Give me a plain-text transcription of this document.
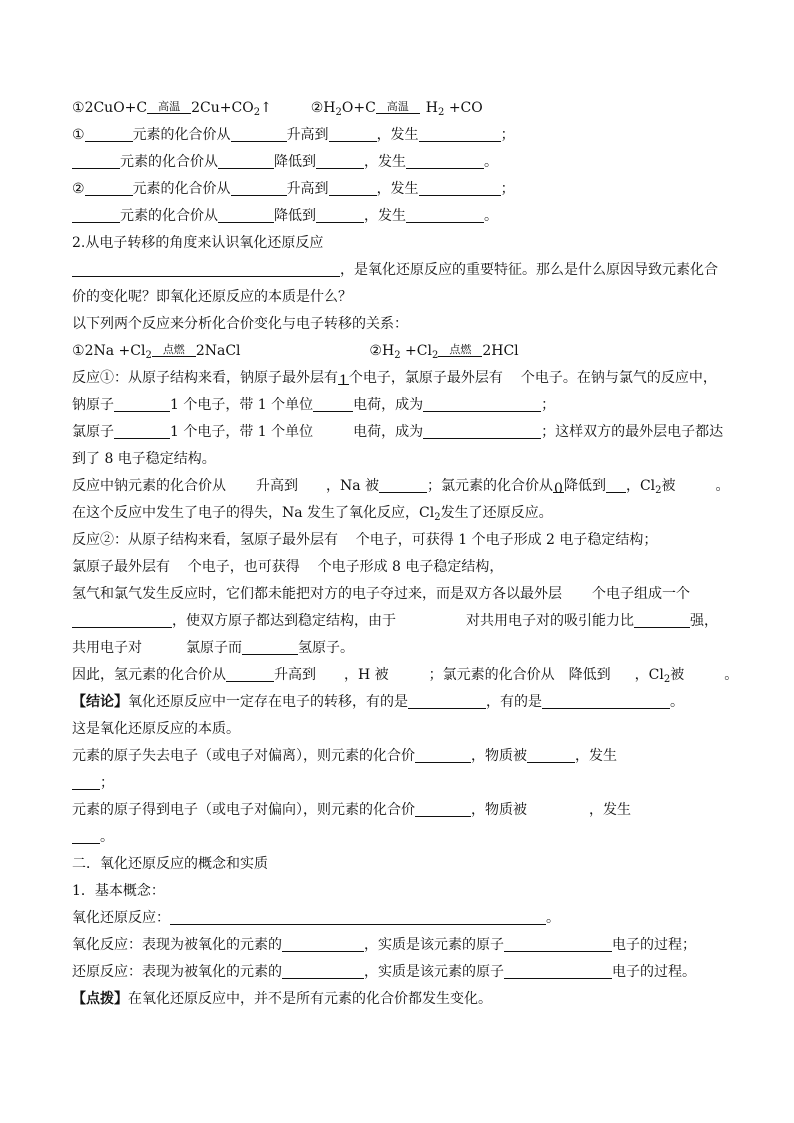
①2CuO+C	高温 $2Cu+CO_2↑$	$②H_2O+C$	高温	$H_2 +CO$
①	元素的化合价从	升高到	，发生	；
元素的化合价从	降低到	，发生	。
②	元素的化合价从	升高到	，发生	；
元素的化合价从	降低到	，发生	。
2.从电子转移的角度来认识氧化还原反应
，是氧化还原反应的重要特征。那么是什么原因导致元素化合
价的变化呢？即氧化还原反应的本质是什么？
以下列两个反应来分析化合价变化与电子转移的关系：
①2Na $+Cl_2$	点燃 2NaCl	$②H_2 +Cl_2$	点燃 2HCl
反应①：从原子结构来看，钠原子最外层有1个电子，氯原子最外层有 个电子。在钠与氯气的反应中，
钠原子	1 个电子，带 1 个单位	电荷，成为	；
氯原子	1 个电子，带 1 个单位	电荷，成为	；这样双方的最外层电子都达
到了 8 电子稳定结构。
反应中钠元素的化合价从 升高到 ，Na 被	；氯元素的化合价从0降低到 ，$Cl_2$被	。
在这个反应中发生了电子的得失，Na 发生了氧化反应，$Cl_2$发生了还原反应。
反应②：从原子结构来看，氢原子最外层有    个电子，可获得 1 个电子形成 2 电子稳定结构；
氯原子最外层有    个电子，也可获得    个电子形成 8 电子稳定结构，
氢气和氯气发生反应时，它们都未能把对方的电子夺过来，而是双方各以最外层 个电子组成一个
，使双方原子都达到稳定结构，由于	对共用电子对的吸引能力比	强，
共用电子对	氯原子而	氢原子。
因此，氢元素的化合价从	升高到 ，H 被	；氯元素的化合价从 降低到 ，$Cl_2$被	。
【结论】氧化还原反应中一定存在电子的转移，有的是	，有的是	。
这是氧化还原反应的本质。
元素的原子失去电子（或电子对偏离），则元素的化合价	，物质被	，发生
；
元素的原子得到电子（或电子对偏向），则元素的化合价	，物质被	，发生
。
二．氧化还原反应的概念和实质
1．基本概念：
氧化还原反应：	。
氧化反应：表现为被氧化的元素的	，实质是该元素的原子	电子的过程；
还原反应：表现为被氧化的元素的	，实质是该元素的原子	电子的过程。
【点拨】在氧化还原反应中，并不是所有元素的化合价都发生变化。
